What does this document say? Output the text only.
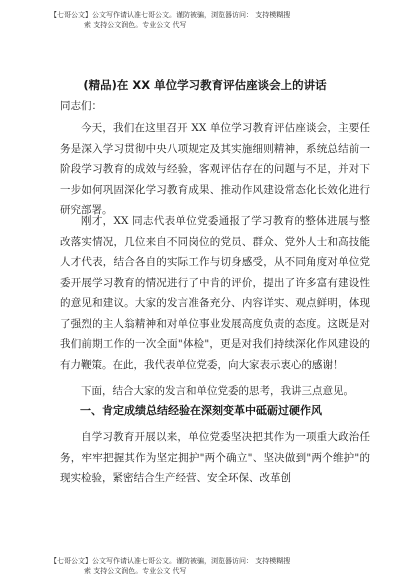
【七哥公文】公文写作请认准七哥公文。谨防被骗，浏览器访问： 支持模糊搜
索 支持公文润色。专业公文 代写
(精品)在 XX 单位学习教育评估座谈会上的讲话
同志们：
今天，我们在这里召开 XX 单位学习教育评估座谈会，主要任务是深入学习贯彻中央八项规定及其实施细则精神，系统总结前一阶段学习教育的成效与经验，客观评估存在的问题与不足，并对下一步如何巩固深化学习教育成果、推动作风建设常态化长效化进行研究部署。
刚才，XX 同志代表单位党委通报了学习教育的整体进展与整改落实情况，几位来自不同岗位的党员、群众、党外人士和高技能人才代表，结合各自的实际工作与切身感受，从不同角度对单位党委开展学习教育的情况进行了中肯的评价，提出了许多富有建设性的意见和建议。大家的发言准备充分、内容详实、观点鲜明，体现了强烈的主人翁精神和对单位事业发展高度负责的态度。这既是对我们前期工作的一次全面"体检"，更是对我们持续深化作风建设的有力鞭策。在此，我代表单位党委，向大家表示衷心的感谢！
下面，结合大家的发言和单位党委的思考，我讲三点意见。
一、肯定成绩总结经验在深刻变革中砥砺过硬作风
自学习教育开展以来，单位党委坚决把其作为一项重大政治任务，牢牢把握其作为坚定拥护"两个确立"、坚决做到"两个维护"的现实检验，紧密结合生产经营、安全环保、改革创
【七哥公文】公文写作请认准七哥公文。谨防被骗，浏览器访问： 支持模糊搜
索 支持公文润色。专业公文 代写
